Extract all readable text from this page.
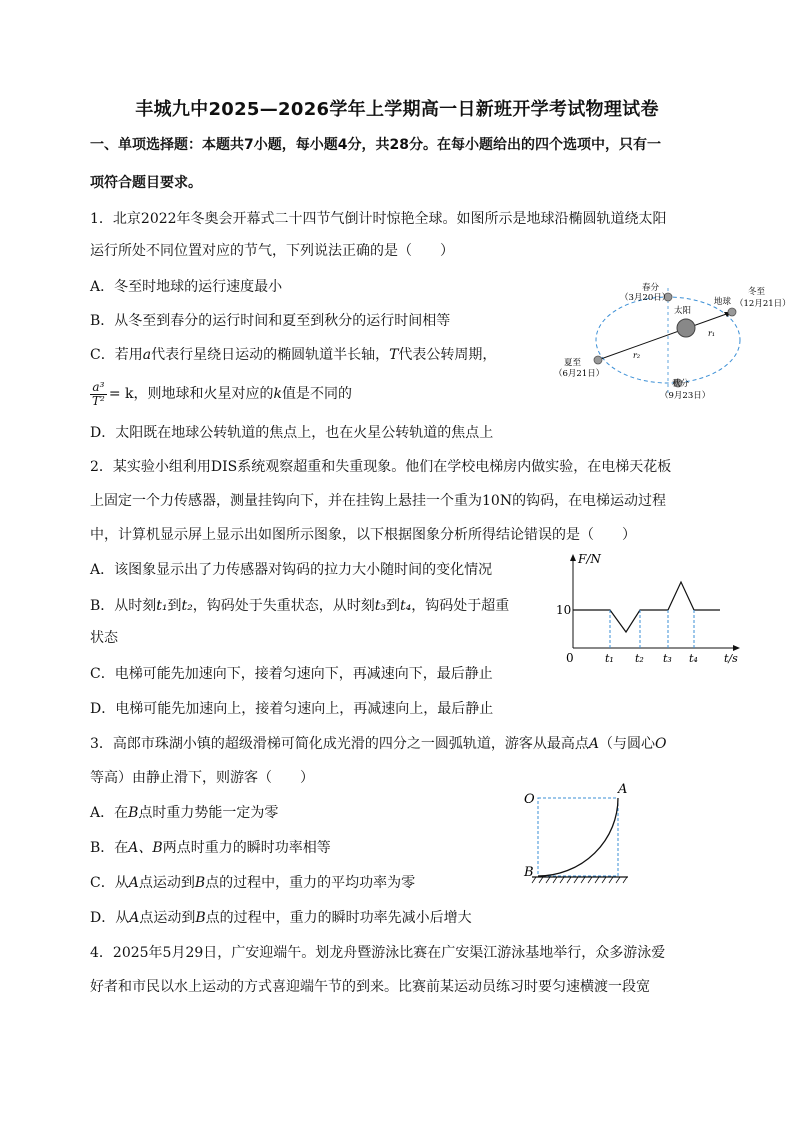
丰城九中2025—2026学年上学期高一日新班开学考试物理试卷
一、单项选择题：本题共7小题，每小题4分，共28分。在每小题给出的四个选项中，只有一
项符合题目要求。
1．北京2022年冬奥会开幕式二十四节气倒计时惊艳全球。如图所示是地球沿椭圆轨道绕太阳
运行所处不同位置对应的节气，下列说法正确的是（　　）
A．冬至时地球的运行速度最小
B．从冬至到春分的运行时间和夏至到秋分的运行时间相等
C．若用a代表行星绕日运动的椭圆轨道半长轴，T代表公转周期，
$\frac{\text{a³}}{\text{T²}} = k$，则地球和火星对应的k值是不同的
D．太阳既在地球公转轨道的焦点上，也在火星公转轨道的焦点上
春分
（3月20日）
太阳
地球
冬至
（12月21日）
夏至
（6月21日）
秋分
（9月23日）
r₁
r₂
2．某实验小组利用DIS系统观察超重和失重现象。他们在学校电梯房内做实验，在电梯天花板
上固定一个力传感器，测量挂钩向下，并在挂钩上悬挂一个重为10N的钩码，在电梯运动过程
中，计算机显示屏上显示出如图所示图象，以下根据图象分析所得结论错误的是（　　）
A．该图象显示出了力传感器对钩码的拉力大小随时间的变化情况
B．从时刻t₁到t₂，钩码处于失重状态，从时刻t₃到t₄，钩码处于超重
状态
C．电梯可能先加速向下，接着匀速向下，再减速向下，最后静止
D．电梯可能先加速向上，接着匀速向上，再减速向上，最后静止
F/N
10
0	t₁ t₂ t₃ t₄ t/s
3．高郎市珠湖小镇的超级滑梯可简化成光滑的四分之一圆弧轨道，游客从最高点A（与圆心O
等高）由静止滑下，则游客（　　）
A．在B点时重力势能一定为零
B．在A、B两点时重力的瞬时功率相等
C．从A点运动到B点的过程中，重力的平均功率为零
D．从A点运动到B点的过程中，重力的瞬时功率先减小后增大
O
A
B
4．2025年5月29日，广安迎端午。划龙舟暨游泳比赛在广安渠江游泳基地举行，众多游泳爱
好者和市民以水上运动的方式喜迎端午节的到来。比赛前某运动员练习时要匀速横渡一段宽
